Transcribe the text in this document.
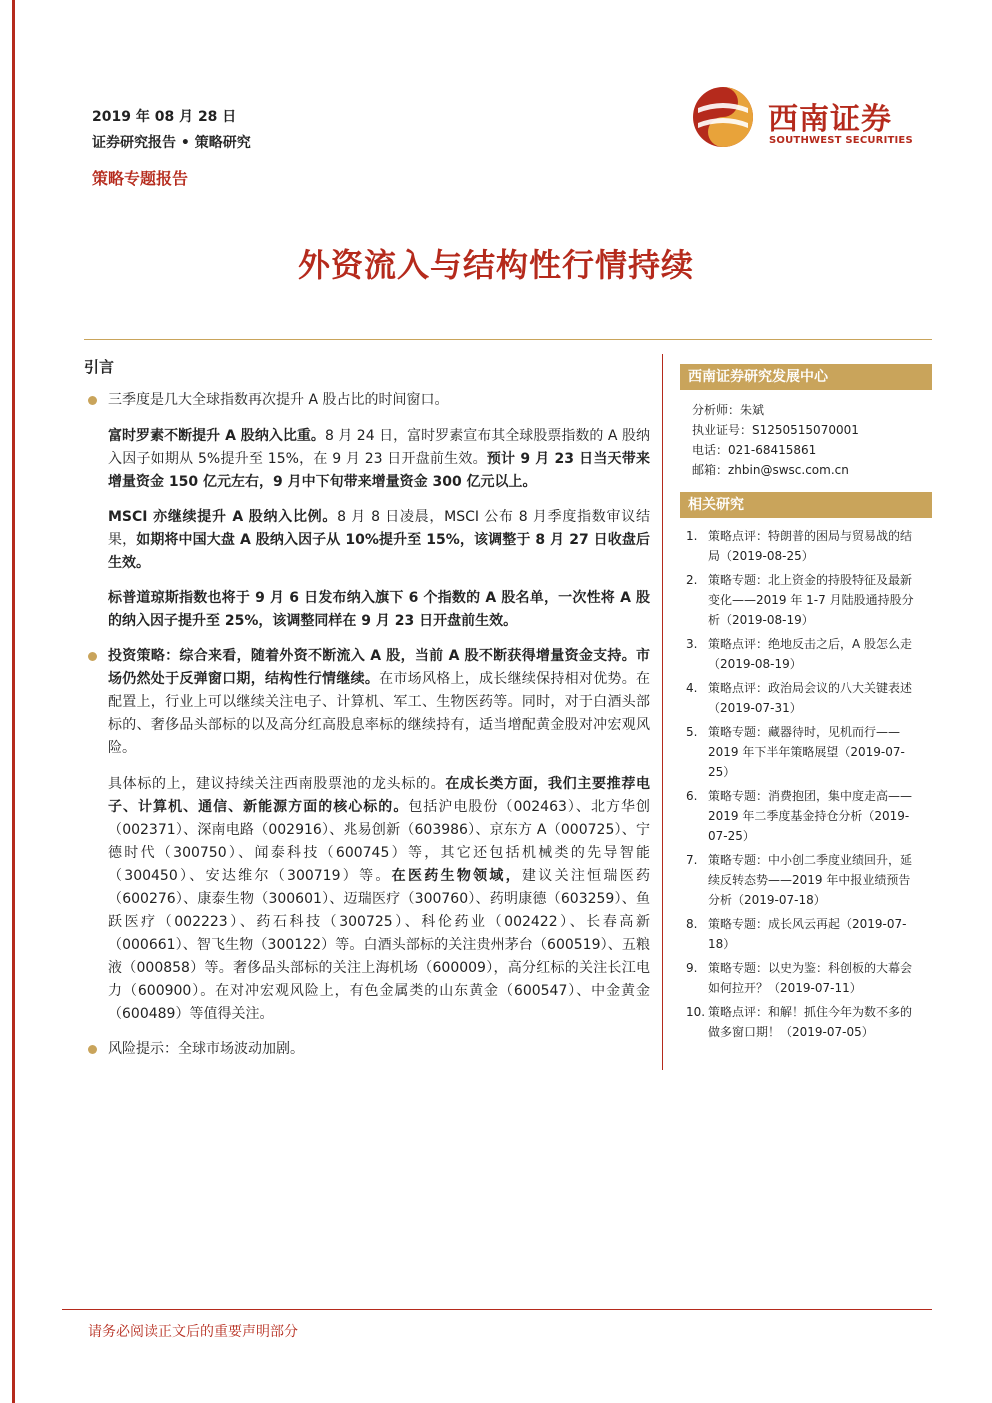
2019 年 08 月 28 日
证券研究报告 • 策略研究
策略专题报告
西南证券
SOUTHWEST SECURITIES
外资流入与结构性行情持续

引言

三季度是几大全球指数再次提升 A 股占比的时间窗口。

富时罗素不断提升 A 股纳入比重。8 月 24 日，富时罗素宣布其全球股票指数的 A 股纳入因子如期从 5%提升至 15%，在 9 月 23 日开盘前生效。预计 9 月 23 日当天带来增量资金 150 亿元左右，9 月中下旬带来增量资金 300 亿元以上。

MSCI 亦继续提升 A 股纳入比例。8 月 8 日凌晨，MSCI 公布 8 月季度指数审议结果，如期将中国大盘 A 股纳入因子从 10%提升至 15%，该调整于 8 月 27 日收盘后生效。

标普道琼斯指数也将于 9 月 6 日发布纳入旗下 6 个指数的 A 股名单，一次性将 A 股的纳入因子提升至 25%，该调整同样在 9 月 23 日开盘前生效。

投资策略：综合来看，随着外资不断流入 A 股，当前 A 股不断获得增量资金支持。市场仍然处于反弹窗口期，结构性行情继续。在市场风格上，成长继续保持相对优势。在配置上，行业上可以继续关注电子、计算机、军工、生物医药等。同时，对于白酒头部标的、奢侈品头部标的以及高分红高股息率标的继续持有，适当增配黄金股对冲宏观风险。

具体标的上，建议持续关注西南股票池的龙头标的。在成长类方面，我们主要推荐电子、计算机、通信、新能源方面的核心标的。包括沪电股份（002463）、北方华创（002371）、深南电路（002916）、兆易创新（603986）、京东方 A（000725）、宁德时代（300750）、闻泰科技（600745）等，其它还包括机械类的先导智能（300450）、安达维尔（300719）等。在医药生物领域，建议关注恒瑞医药（600276）、康泰生物（300601）、迈瑞医疗（300760）、药明康德（603259）、鱼跃医疗（002223）、药石科技（300725）、科伦药业（002422）、长春高新（000661）、智飞生物（300122）等。白酒头部标的关注贵州茅台（600519）、五粮液（000858）等。奢侈品头部标的关注上海机场（600009），高分红标的关注长江电力（600900）。在对冲宏观风险上，有色金属类的山东黄金（600547）、中金黄金（600489）等值得关注。

风险提示：全球市场波动加剧。

西南证券研究发展中心
分析师：朱斌
执业证号：S1250515070001
电话：021-68415861
邮箱：zhbin@swsc.com.cn
相关研究
1. 策略点评：特朗普的困局与贸易战的结局（2019-08-25）
2. 策略专题：北上资金的持股特征及最新变化——2019 年 1-7 月陆股通持股分析（2019-08-19）
3. 策略点评：绝地反击之后，A 股怎么走（2019-08-19）
4. 策略点评：政治局会议的八大关键表述（2019-07-31）
5. 策略专题：藏器待时，见机而行——2019 年下半年策略展望（2019-07-25）
6. 策略专题：消费抱团，集中度走高——2019 年二季度基金持仓分析（2019-07-25）
7. 策略专题：中小创二季度业绩回升，延续反转态势——2019 年中报业绩预告分析（2019-07-18）
8. 策略专题：成长风云再起（2019-07-18）
9. 策略专题：以史为鉴：科创板的大幕会如何拉开？（2019-07-11）
10. 策略点评：和解！抓住今年为数不多的做多窗口期！（2019-07-05）
请务必阅读正文后的重要声明部分
